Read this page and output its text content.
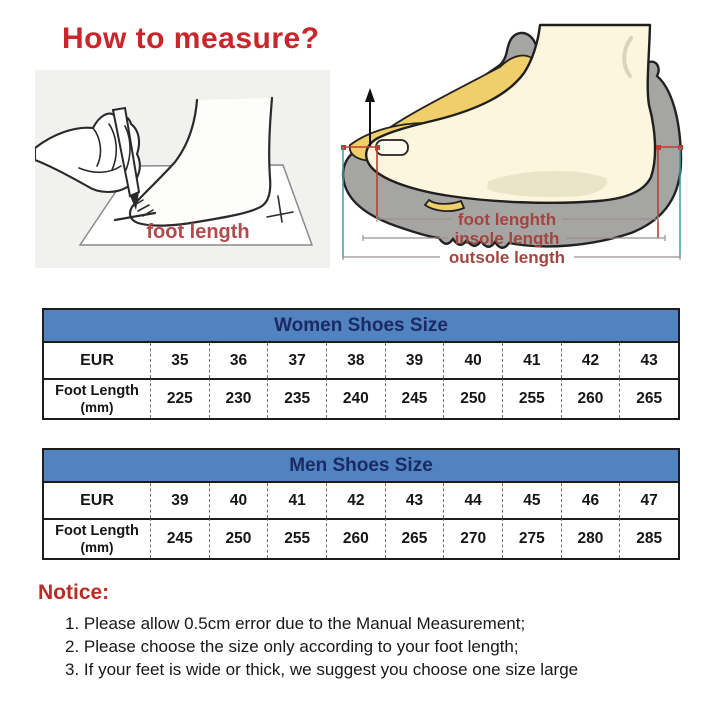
How to measure?
foot length
foot lenghth
insole length
outsole length
Women Shoes Size
EUR	35	36	37	38	39	40	41	42	43
Foot Length
(mm)
225	230	235	240	245	250	255	260	265
Men Shoes Size
EUR	39	40	41	42	43	44	45	46	47
Foot Length
(mm)
245	250	255	260	265	270	275	280	285
Notice:
1. Please allow 0.5cm error due to the Manual Measurement;
2. Please choose the size only according to your foot length;
3. If your feet is wide or thick, we suggest you choose one size large
